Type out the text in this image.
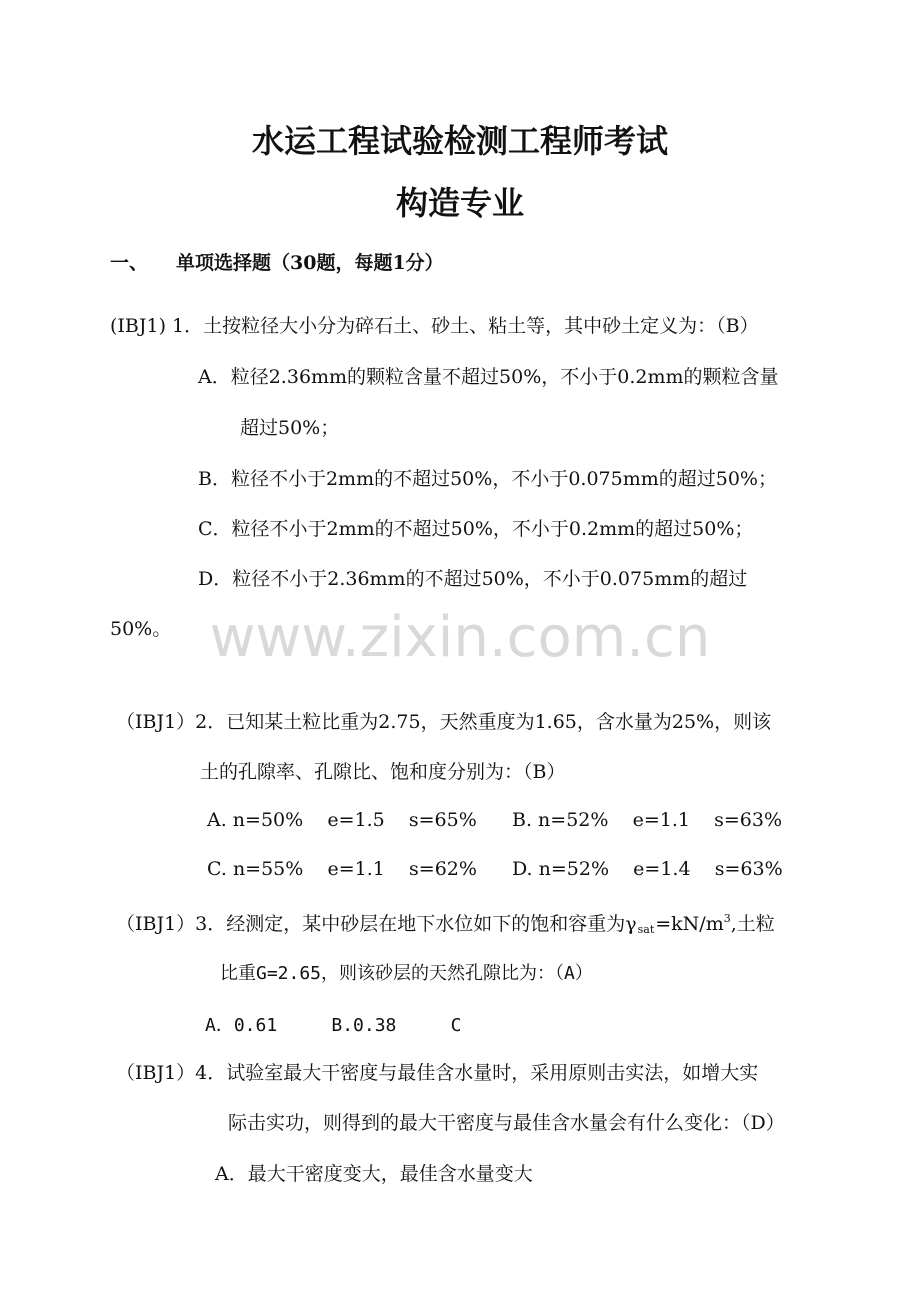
www.zixin.com.cn
水运工程试验检测工程师考试
构造专业
一、 单项选择题（30题，每题1分）
(IBJ1) 1．土按粒径大小分为碎石土、砂土、粘土等，其中砂土定义为：（B）
A．粒径2.36mm的颗粒含量不超过50%，不小于0.2mm的颗粒含量
超过50%；
B．粒径不小于2mm的不超过50%，不小于0.075mm的超过50%；
C．粒径不小于2mm的不超过50%，不小于0.2mm的超过50%；
D．粒径不小于2.36mm的不超过50%，不小于0.075mm的超过
50%。
（IBJ1）2．已知某土粒比重为2.75，天然重度为1.65，含水量为25%，则该
土的孔隙率、孔隙比、饱和度分别为：（B）
A. n=50%    e=1.5    s=65% B. n=52%    e=1.1    s=63%
C. n=55%    e=1.1    s=62% D. n=52%    e=1.4    s=63%
（IBJ1）3．经测定，某中砂层在地下水位如下的饱和容重为$\gamma_{sat}=kN/m^3$,土粒
比重G=2.65，则该砂层的天然孔隙比为：（A）
A．0.61     B.0.38     C
（IBJ1）4．试验室最大干密度与最佳含水量时，采用原则击实法，如增大实
际击实功，则得到的最大干密度与最佳含水量会有什么变化：（D）
A．最大干密度变大，最佳含水量变大
